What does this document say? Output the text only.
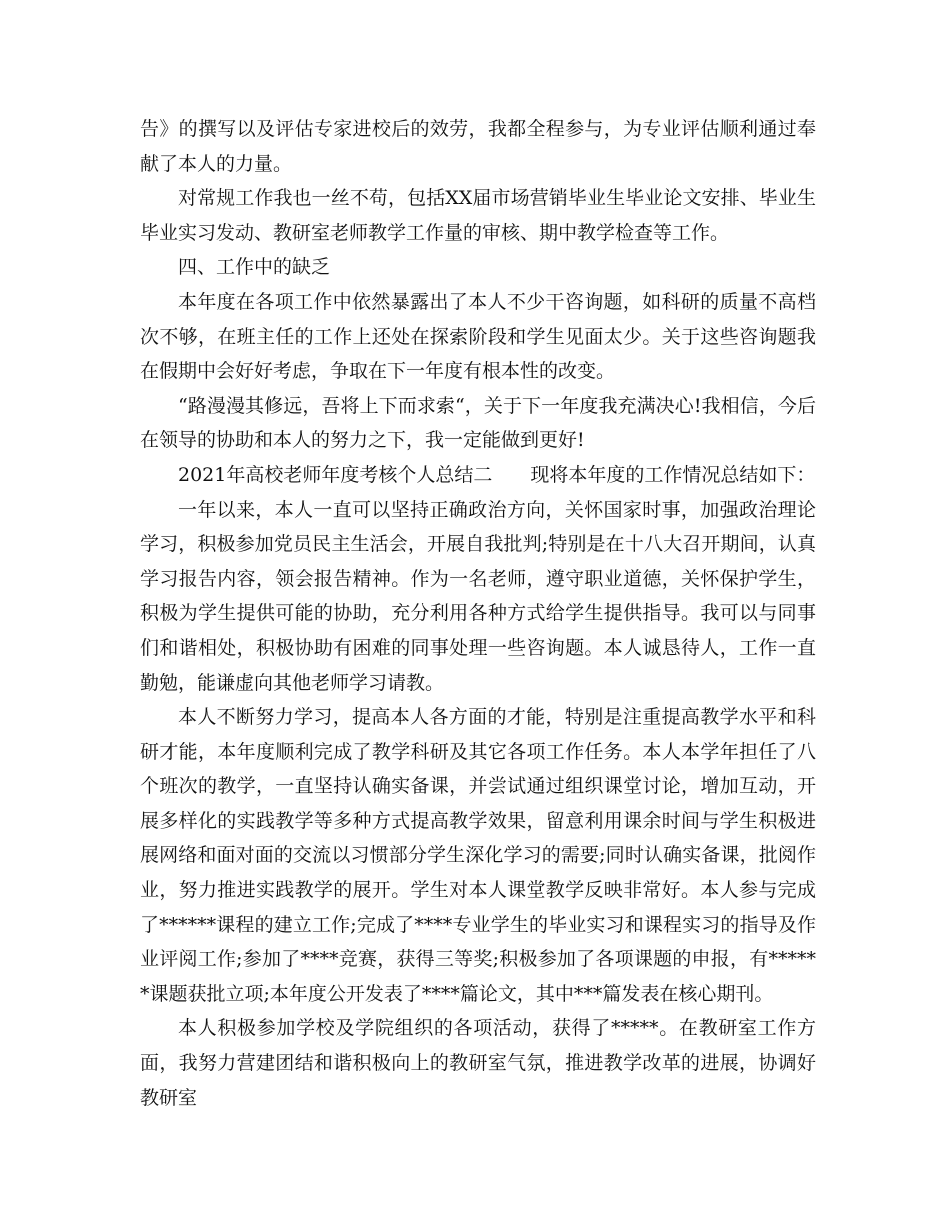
告》的撰写以及评估专家进校后的效劳，我都全程参与，为专业评估顺利通过奉献了本人的力量。

对常规工作我也一丝不苟，包括XX届市场营销毕业生毕业论文安排、毕业生毕业实习发动、教研室老师教学工作量的审核、期中教学检查等工作。

四、工作中的缺乏

本年度在各项工作中依然暴露出了本人不少干咨询题，如科研的质量不高档次不够，在班主任的工作上还处在探索阶段和学生见面太少。关于这些咨询题我在假期中会好好考虑，争取在下一年度有根本性的改变。

“路漫漫其修远，吾将上下而求索“，关于下一年度我充满决心!我相信，今后在领导的协助和本人的努力之下，我一定能做到更好!

2021年高校老师年度考核个人总结二 现将本年度的工作情况总结如下：

一年以来，本人一直可以坚持正确政治方向，关怀国家时事，加强政治理论学习，积极参加党员民主生活会，开展自我批判;特别是在十八大召开期间，认真学习报告内容，领会报告精神。作为一名老师，遵守职业道德，关怀保护学生，积极为学生提供可能的协助，充分利用各种方式给学生提供指导。我可以与同事们和谐相处，积极协助有困难的同事处理一些咨询题。本人诚恳待人，工作一直勤勉，能谦虚向其他老师学习请教。

本人不断努力学习，提高本人各方面的才能，特别是注重提高教学水平和科研才能，本年度顺利完成了教学科研及其它各项工作任务。本人本学年担任了八个班次的教学，一直坚持认确实备课，并尝试通过组织课堂讨论，增加互动，开展多样化的实践教学等多种方式提高教学效果，留意利用课余时间与学生积极进展网络和面对面的交流以习惯部分学生深化学习的需要;同时认确实备课，批阅作业，努力推进实践教学的展开。学生对本人课堂教学反映非常好。本人参与完成了******课程的建立工作;完成了****专业学生的毕业实习和课程实习的指导及作业评阅工作;参加了****竞赛，获得三等奖;积极参加了各项课题的申报，有******课题获批立项;本年度公开发表了****篇论文，其中***篇发表在核心期刊。

本人积极参加学校及学院组织的各项活动，获得了*****。在教研室工作方面，我努力营建团结和谐积极向上的教研室气氛，推进教学改革的进展，协调好教研室
